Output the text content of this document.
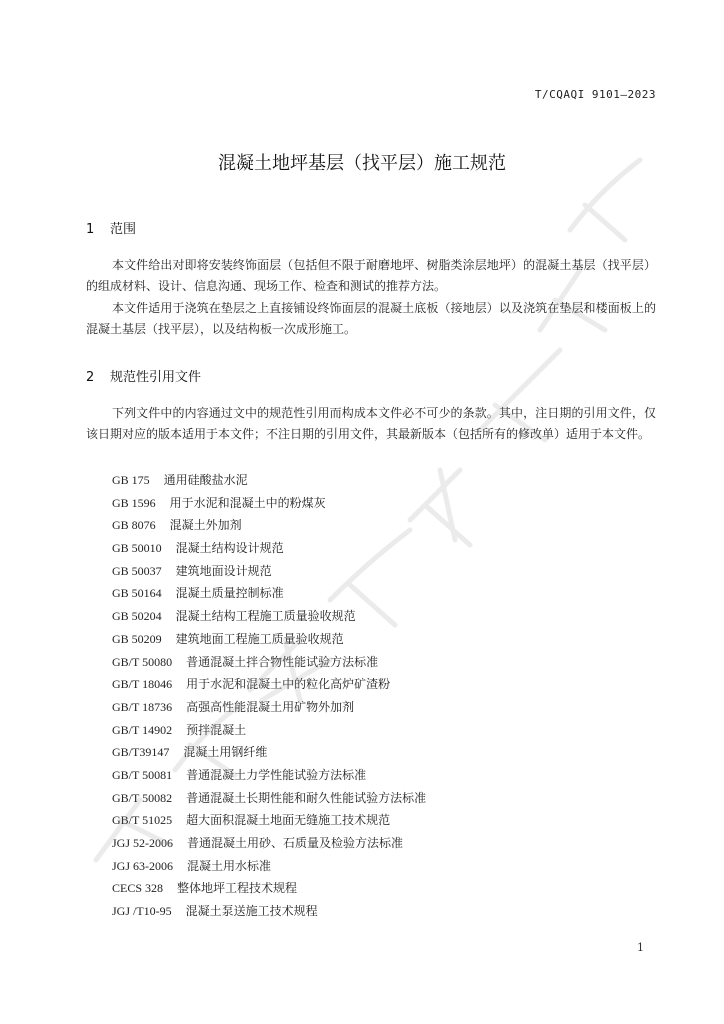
T/CQAQI 9101—2023
混凝土地坪基层（找平层）施工规范
1 范围

本文件给出对即将安装终饰面层（包括但不限于耐磨地坪、树脂类涂层地坪）的混凝土基层（找平层）的组成材料、设计、信息沟通、现场工作、检查和测试的推荐方法。

本文件适用于浇筑在垫层之上直接铺设终饰面层的混凝土底板（接地层）以及浇筑在垫层和楼面板上的混凝土基层（找平层），以及结构板一次成形施工。

2 规范性引用文件

下列文件中的内容通过文中的规范性引用而构成本文件必不可少的条款。其中，注日期的引用文件，仅该日期对应的版本适用于本文件；不注日期的引用文件，其最新版本（包括所有的修改单）适用于本文件。

GB 175 通用硅酸盐水泥
GB 1596 用于水泥和混凝土中的粉煤灰
GB 8076 混凝土外加剂
GB 50010 混凝土结构设计规范
GB 50037 建筑地面设计规范
GB 50164 混凝土质量控制标准
GB 50204 混凝土结构工程施工质量验收规范
GB 50209 建筑地面工程施工质量验收规范
GB/T 50080 普通混凝土拌合物性能试验方法标准
GB/T 18046 用于水泥和混凝土中的粒化高炉矿渣粉
GB/T 18736 高强高性能混凝土用矿物外加剂
GB/T 14902 预拌混凝土
GB/T39147 混凝土用钢纤维
GB/T 50081 普通混凝土力学性能试验方法标准
GB/T 50082 普通混凝土长期性能和耐久性能试验方法标准
GB/T 51025 超大面积混凝土地面无缝施工技术规范
JGJ 52-2006 普通混凝土用砂、石质量及检验方法标准
JGJ 63-2006 混凝土用水标准
CECS 328 整体地坪工程技术规程
JGJ /T10-95 混凝土泵送施工技术规程
1
